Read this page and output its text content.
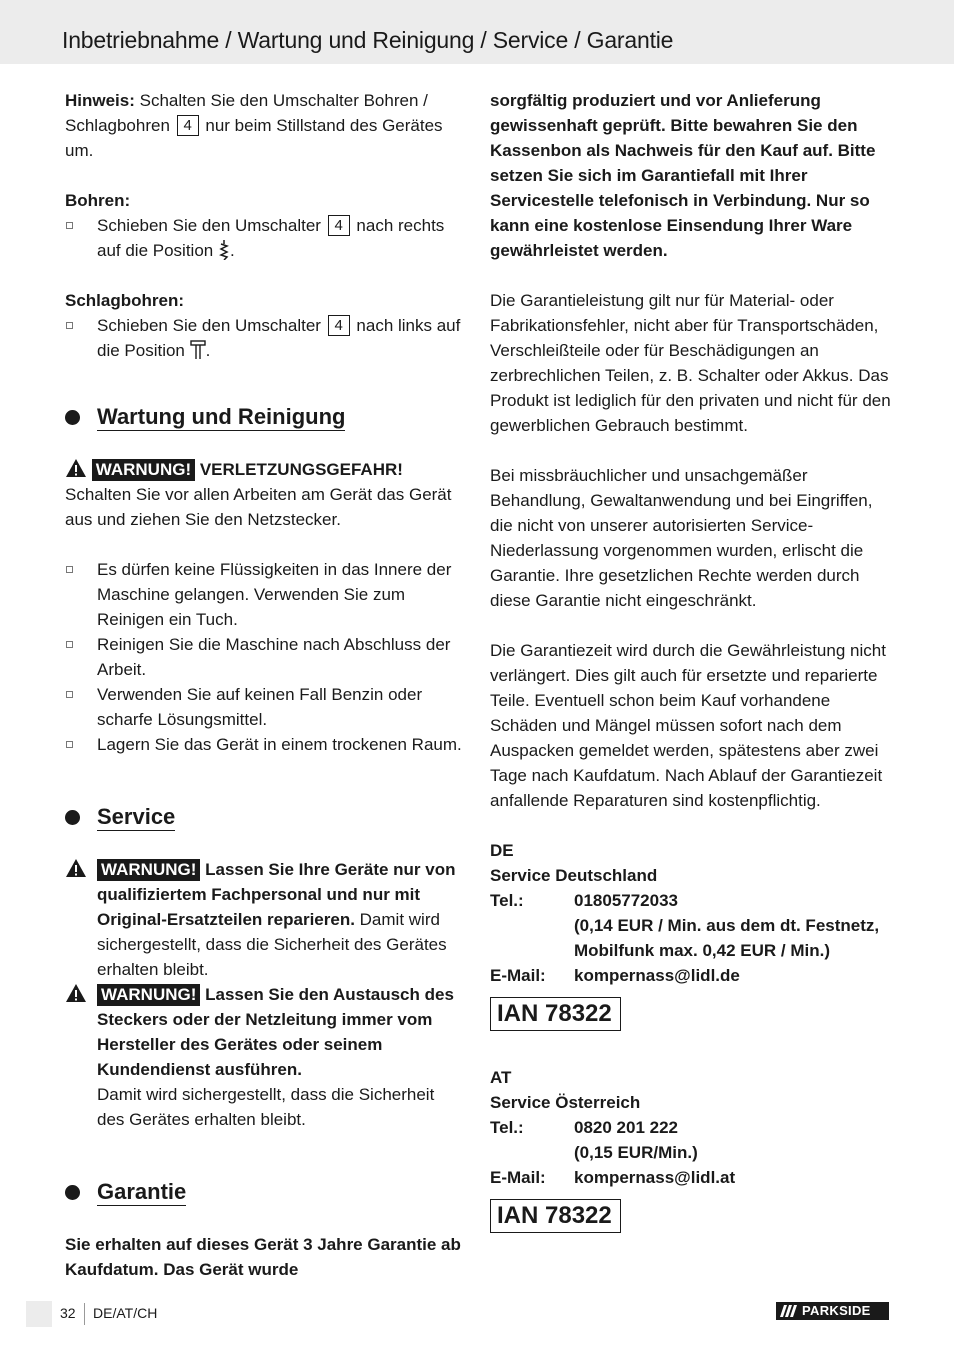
Inbetriebnahme / Wartung und Reinigung / Service / Garantie

Hinweis: Schalten Sie den Umschalter Bohren / Schlagbohren 4 nur beim Stillstand des Gerätes um.

Bohren:

Schieben Sie den Umschalter 4 nach rechts auf die Position .

Schlagbohren:

Schieben Sie den Umschalter 4 nach links auf die Position .
Wartung und Reinigung

WARNUNG! VERLETZUNGSGEFAHR!

Schalten Sie vor allen Arbeiten am Gerät das Gerät aus und ziehen Sie den Netzstecker.

Es dürfen keine Flüssigkeiten in das Innere der Maschine gelangen. Verwenden Sie zum Reinigen ein Tuch.
Reinigen Sie die Maschine nach Abschluss der Arbeit.
Verwenden Sie auf keinen Fall Benzin oder scharfe Lösungsmittel.
Lagern Sie das Gerät in einem trockenen Raum.
Service
WARNUNG! Lassen Sie Ihre Geräte nur von qualifiziertem Fachpersonal und nur mit Original-Ersatzteilen reparieren. Damit wird sichergestellt, dass die Sicherheit des Gerätes erhalten bleibt.
WARNUNG! Lassen Sie den Austausch des Steckers oder der Netzleitung immer vom Hersteller des Gerätes oder seinem Kundendienst ausführen.

Damit wird sichergestellt, dass die Sicherheit des Gerätes erhalten bleibt.

Garantie

Sie erhalten auf dieses Gerät 3 Jahre Garantie ab Kaufdatum. Das Gerät wurde

sorgfältig produziert und vor Anlieferung gewissenhaft geprüft. Bitte bewahren Sie den Kassenbon als Nachweis für den Kauf auf. Bitte setzen Sie sich im Garantiefall mit Ihrer Servicestelle telefonisch in Verbindung. Nur so kann eine kostenlose Einsendung Ihrer Ware gewährleistet werden.

Die Garantieleistung gilt nur für Material- oder Fabrikationsfehler, nicht aber für Transportschäden, Verschleißteile oder für Beschädigungen an zerbrechlichen Teilen, z. B. Schalter oder Akkus. Das Produkt ist lediglich für den privaten und nicht für den gewerblichen Gebrauch bestimmt.

Bei missbräuchlicher und unsachgemäßer Behandlung, Gewaltanwendung und bei Eingriffen, die nicht von unserer autorisierten Service-Niederlassung vorgenommen wurden, erlischt die Garantie. Ihre gesetzlichen Rechte werden durch diese Garantie nicht eingeschränkt.

Die Garantiezeit wird durch die Gewährleistung nicht verlängert. Dies gilt auch für ersetzte und reparierte Teile. Eventuell schon beim Kauf vorhandene Schäden und Mängel müssen sofort nach dem Auspacken gemeldet werden, spätestens aber zwei Tage nach Kaufdatum. Nach Ablauf der Garantiezeit anfallende Reparaturen sind kostenpflichtig.

DE

Service Deutschland

Tel.:	01805772033
(0,14 EUR / Min. aus dem dt. Festnetz, Mobilfunk max. 0,42 EUR / Min.)
E-Mail: kompernass@lidl.de
IAN 78322

AT

Service Österreich

Tel.:	0820 201 222
(0,15 EUR/Min.)
E-Mail: kompernass@lidl.at
IAN 78322
32 DE/AT/CH	PARKSIDE
